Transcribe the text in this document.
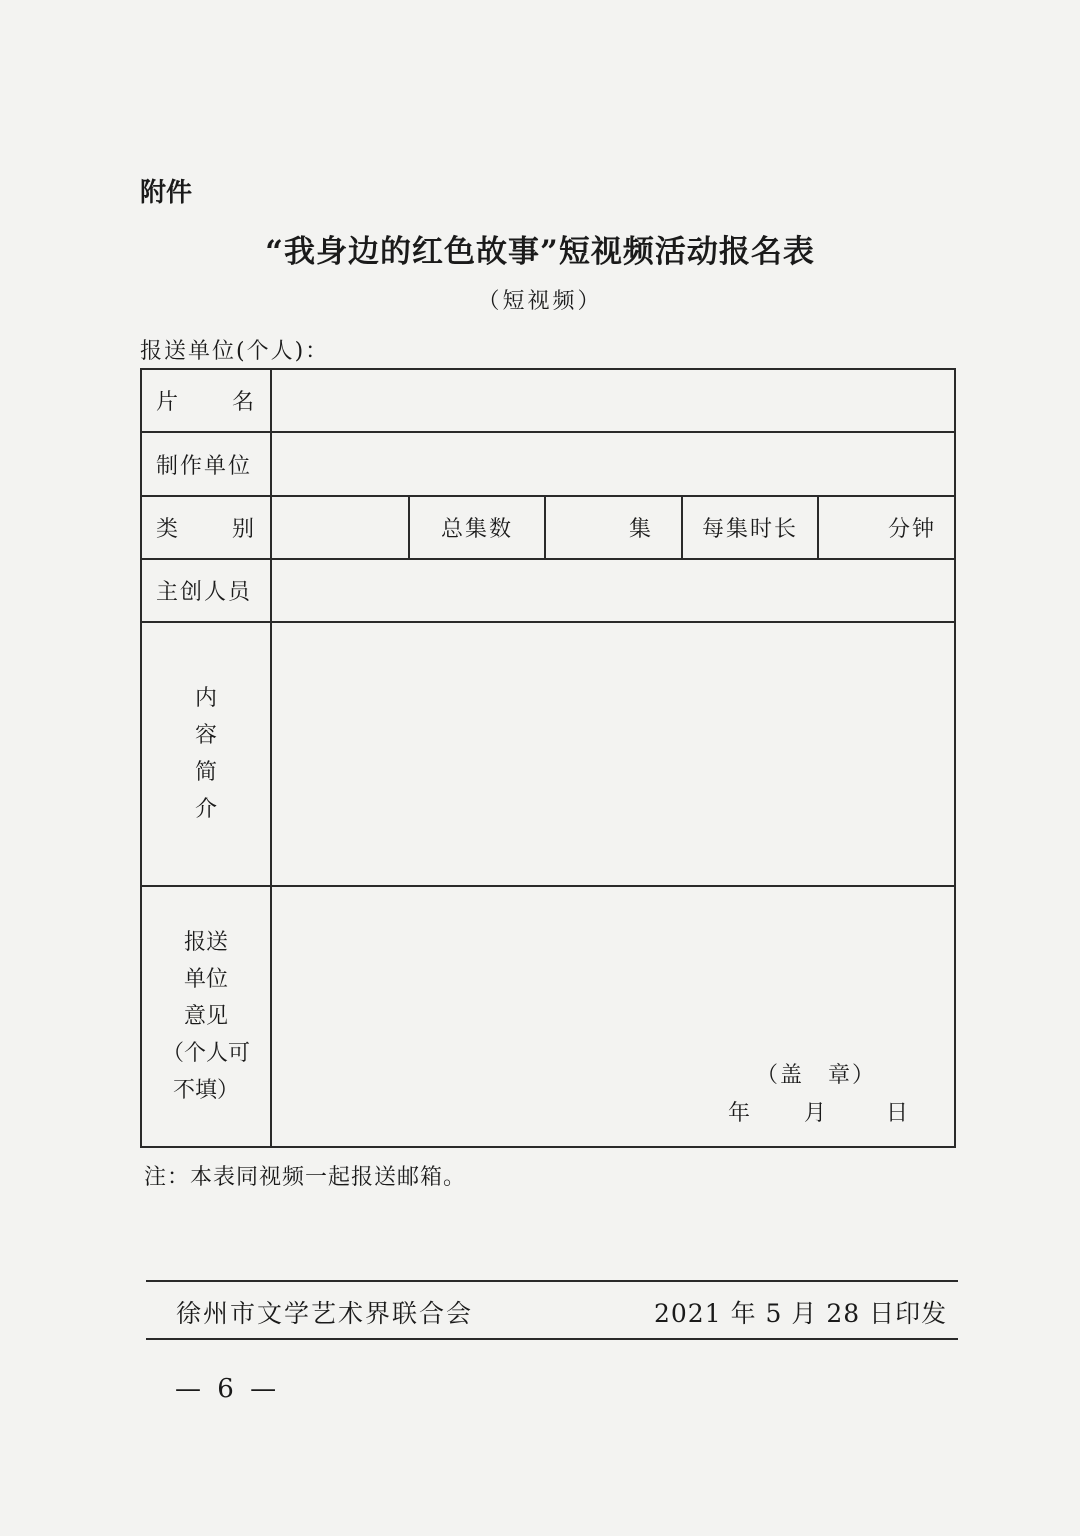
附件
“我身边的红色故事”短视频活动报名表
（短视频）
报送单位(个人)：
片 名
制作单位
类 别	总集数	集	每集时长	分钟
主创人员
内
容
简
介
报送
单位
意见
（个人可
不填）
（盖　章）
年 月	日
注：本表同视频一起报送邮箱。
徐州市文学艺术界联合会	2021 年 5 月 28 日印发
— 6 —
